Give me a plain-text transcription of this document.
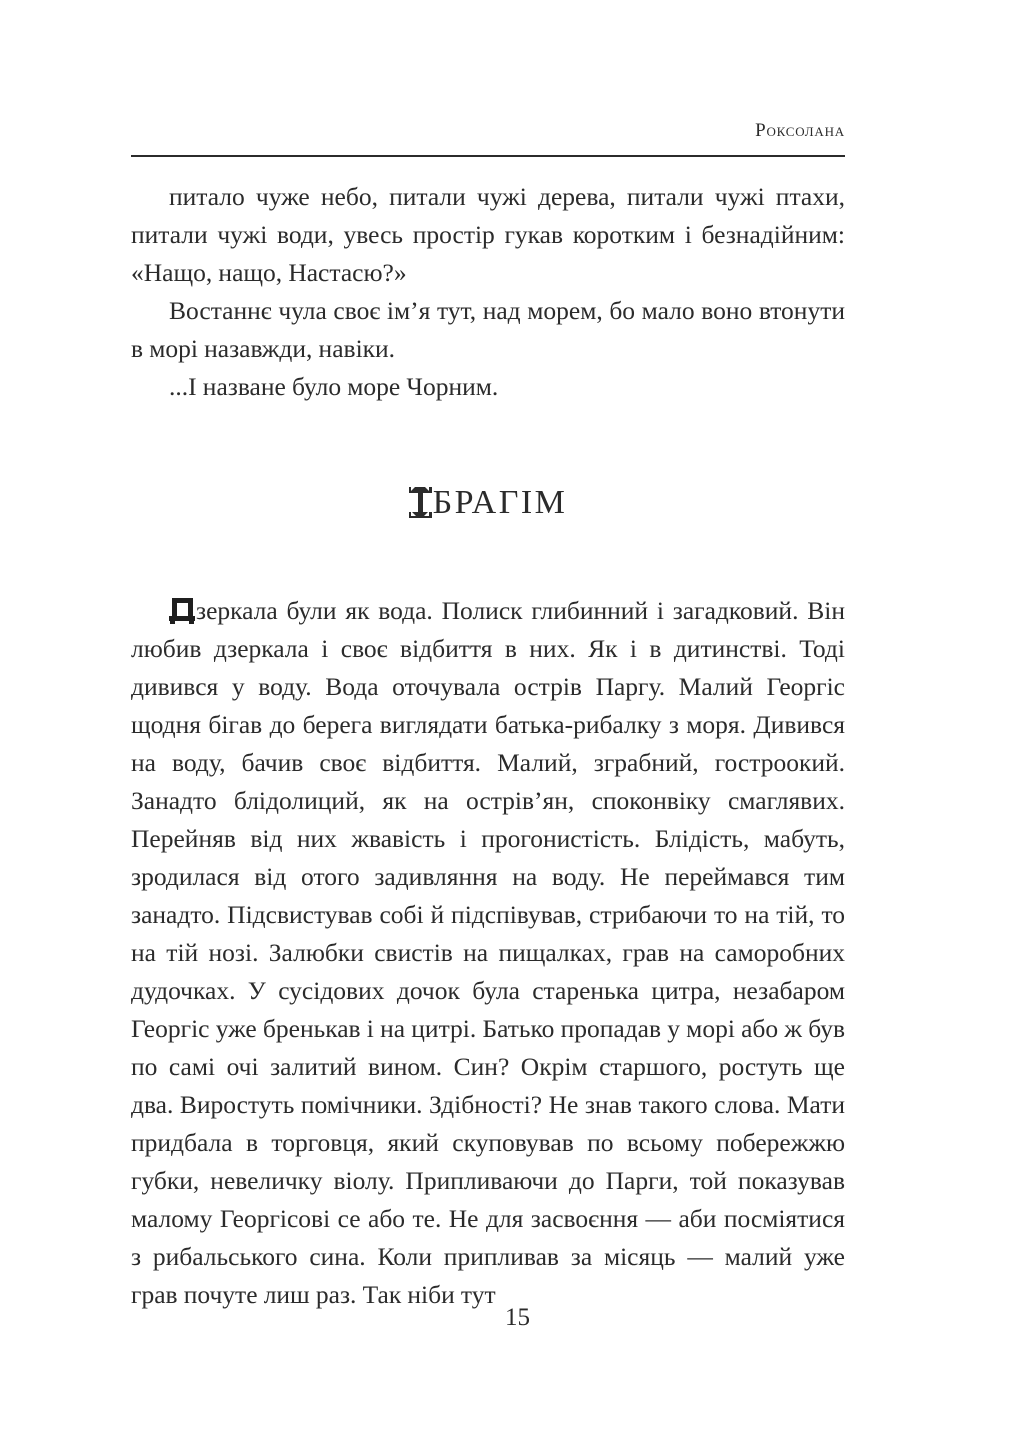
Роксолана

питало чуже небо, питали чужі дерева, питали чужі птахи, питали чужі води, увесь простір гукав коротким і безнадійним: «Нащо, нащо, Настасю?»

Востаннє чула своє ім’я тут, над морем, бо мало воно втонути в морі назавжди, навіки.

...І назване було море Чорним.

БРАГІМ

зеркала були як вода. Полиск глибинний і загадковий. Він любив дзеркала і своє відбиття в них. Як і в дитинстві. Тоді дивився у воду. Вода оточувала острів Паргу. Малий Георгіс щодня бігав до берега виглядати батька-рибалку з моря. Дивився на воду, бачив своє відбиття. Малий, зграбний, гостроокий. Занадто блідолиций, як на острів’ян, споконвіку смаглявих. Перейняв від них жвавість і прогонистість. Блідість, мабуть, зродилася від отого задивляння на воду. Не переймався тим занадто. Підсвистував собі й підспівував, стрибаючи то на тій, то на тій нозі. Залюбки свистів на пищалках, грав на саморобних дудочках. У сусідових дочок була старенька цитра, незабаром Георгіс уже бренькав і на цитрі. Батько пропадав у морі або ж був по самі очі залитий вином. Син? Окрім старшого, ростуть ще два. Виростуть помічники. Здібності? Не знав такого слова. Мати придбала в торговця, який скуповував по всьому побережжю губки, невеличку віолу. Припливаючи до Парги, той показував малому Георгісові се або те. Не для засвоєння — аби посміятися з рибальського сина. Коли припливав за місяць — малий уже грав почуте лиш раз. Так ніби тут

15
